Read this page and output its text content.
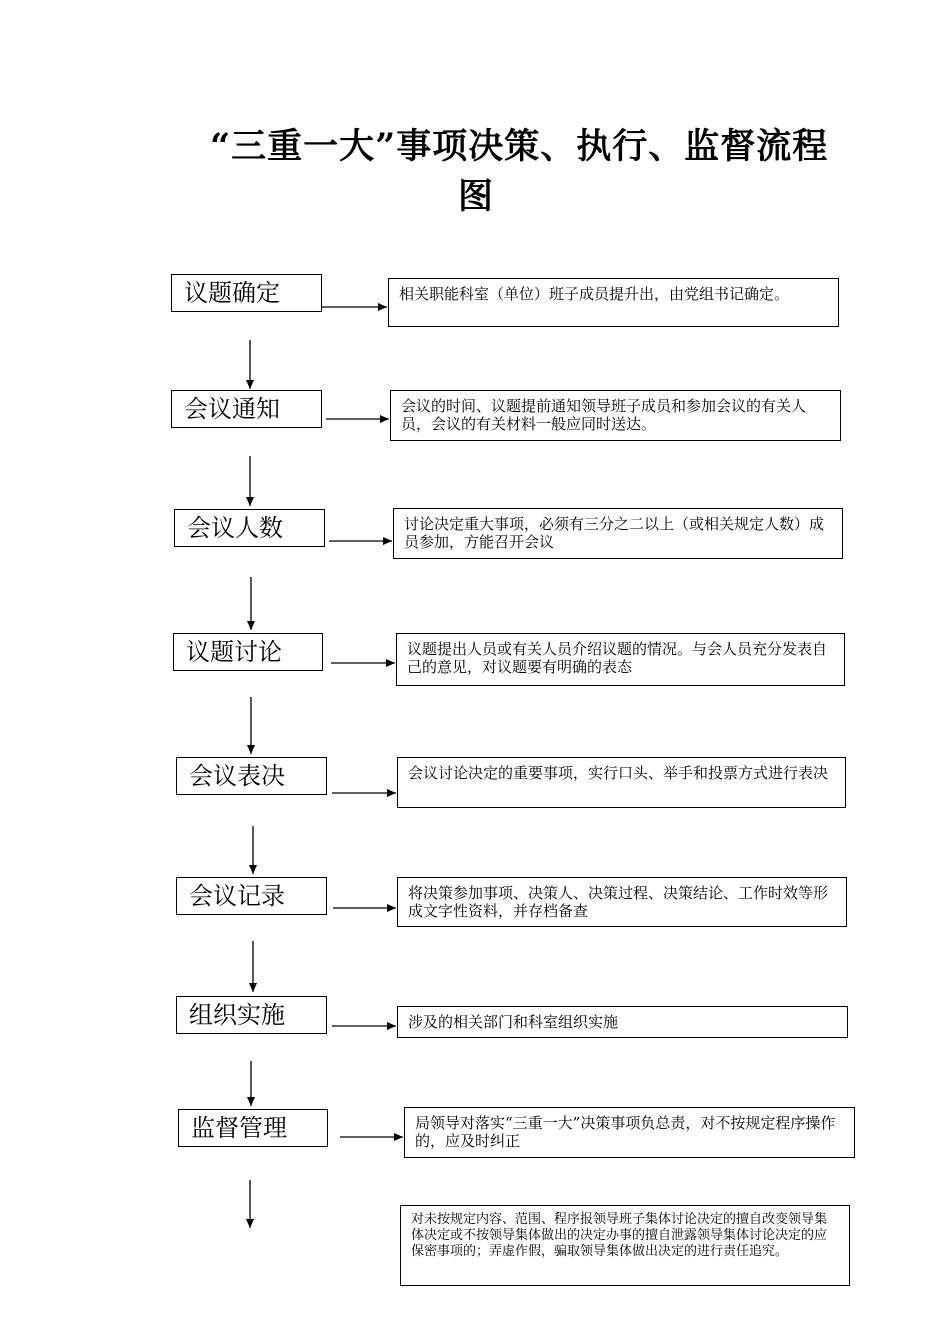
“三重一大”事项决策、执行、监督流程
图
议题确定
会议通知
会议人数
议题讨论
会议表决
会议记录
组织实施
监督管理
相关职能科室（单位）班子成员提升出，由党组书记确定。
会议的时间、议题提前通知领导班子成员和参加会议的有关人员，会议的有关材料一般应同时送达。
讨论决定重大事项，必须有三分之二以上（或相关规定人数）成员参加，方能召开会议
议题提出人员或有关人员介绍议题的情况。与会人员充分发表自己的意见，对议题要有明确的表态
会议讨论决定的重要事项，实行口头、举手和投票方式进行表决
将决策参加事项、决策人、决策过程、决策结论、工作时效等形成文字性资料，并存档备查
涉及的相关部门和科室组织实施
局领导对落实“三重一大”决策事项负总责，对不按规定程序操作的，应及时纠正
对未按规定内容、范围、程序报领导班子集体讨论决定的擅自改变领导集体决定或不按领导集体做出的决定办事的擅自泄露领导集体讨论决定的应保密事项的；弄虚作假，骗取领导集体做出决定的进行责任追究。
